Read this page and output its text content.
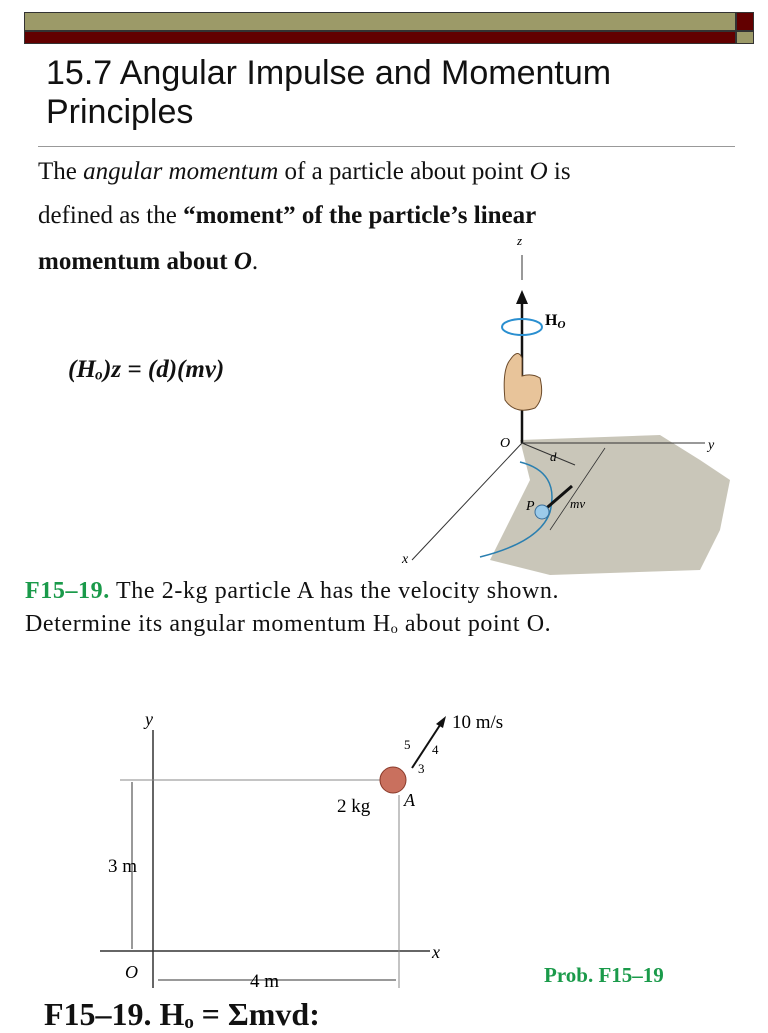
15.7 Angular Impulse and Momentum
Principles
The angular momentum of a particle about point O is
defined as the “moment” of the particle’s linear
momentum about O.
(Hₒ)z = (d)(mv)
z
HO
O	y
x
d
P	mv
F15–19. The 2-kg particle A has the velocity shown.
Determine its angular momentum Hₒ about point O.
y
x
O
10 m/s
5 4
3
2 kg A
3 m
4 m	Prob. F15–19
F15–19. Hₒ = Σmvd:
